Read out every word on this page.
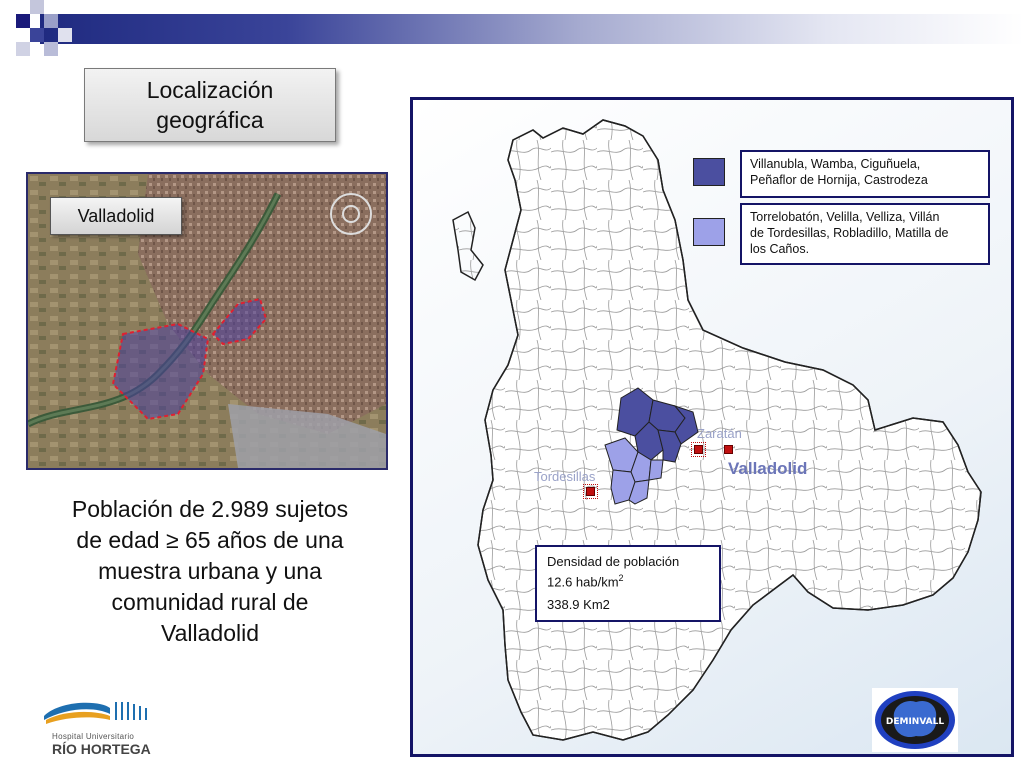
Localización
geográfica
Valladolid
Población de 2.989 sujetos
de edad ≥ 65 años de una
muestra urbana y una
comunidad rural de
Valladolid
Hospital Universitario
RÍO HORTEGA
Villanubla, Wamba, Ciguñuela,
Peñaflor de Hornija, Castrodeza
Torrelobatón, Velilla, Velliza, Villán
de Tordesillas, Robladillo, Matilla de
los Caños.
Zaratán
Valladolid
Tordesillas
Densidad de población
12.6 hab/$km^2$
338.9 Km2
DEMINVALL
